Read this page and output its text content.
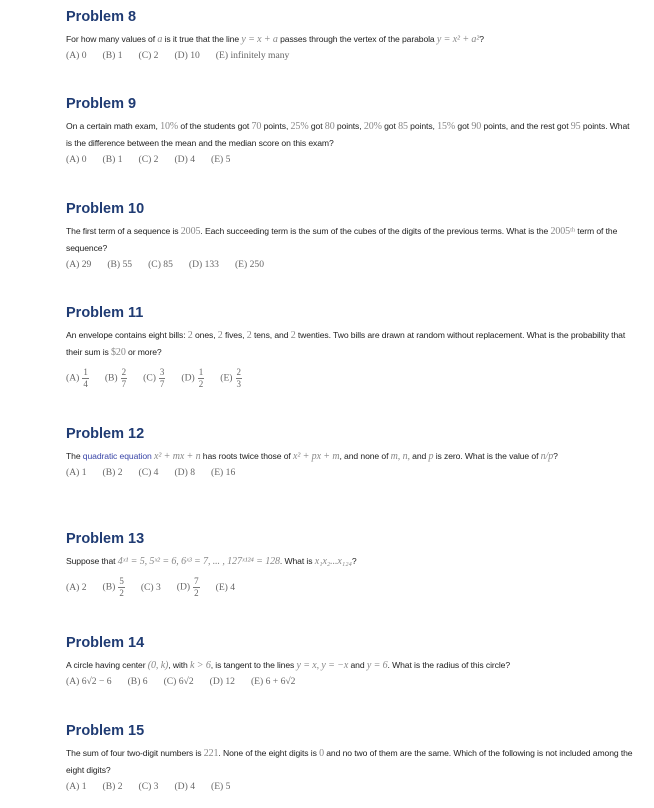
Problem 8
For how many values of a is it true that the line y = x + a passes through the vertex of the parabola y = x² + a²?
(A) 0 (B) 1 (C) 2 (D) 10 (E) infinitely many
Problem 9
On a certain math exam, 10% of the students got 70 points, 25% got 80 points, 20% got 85 points, 15% got 90 points, and the rest got 95 points. What is the difference between the mean and the median score on this exam?
(A) 0 (B) 1 (C) 2 (D) 4 (E) 5
Problem 10
The first term of a sequence is 2005. Each succeeding term is the sum of the cubes of the digits of the previous terms. What is the 2005ᵗʰ term of the sequence?
(A) 29 (B) 55 (C) 85 (D) 133 (E) 250
Problem 11
An envelope contains eight bills: 2 ones, 2 fives, 2 tens, and 2 twenties. Two bills are drawn at random without replacement. What is the probability that their sum is $20 or more?
$(A) \frac{1}{4} (B) \frac{2}{7} (C) \frac{3}{7} (D) \frac{1}{2} (E) \frac{2}{3}$
Problem 12
The quadratic equation x² + mx + n has roots twice those of x² + px + m, and none of m, n, and p is zero. What is the value of n/p?
(A) 1 (B) 2 (C) 4 (D) 8 (E) 16
Problem 13
Suppose that 4ˣ¹ = 5, 5ˣ² = 6, 6ˣ³ = 7, ... , 127ˣ¹²⁴ = 128. What is x₁x₂...x₁₂₄?
(A) 2 $(B) \frac{5}{2} (C)$ 3 $(D) \frac{7}{2} (E)$ 4
Problem 14
A circle having center (0, k), with k > 6, is tangent to the lines y = x, y = −x and y = 6. What is the radius of this circle?
(A) 6√2 − 6 (B) 6 (C) 6√2 (D) 12 (E) 6 + 6√2
Problem 15
The sum of four two-digit numbers is 221. None of the eight digits is 0 and no two of them are the same. Which of the following is not included among the eight digits?
(A) 1 (B) 2 (C) 3 (D) 4 (E) 5
